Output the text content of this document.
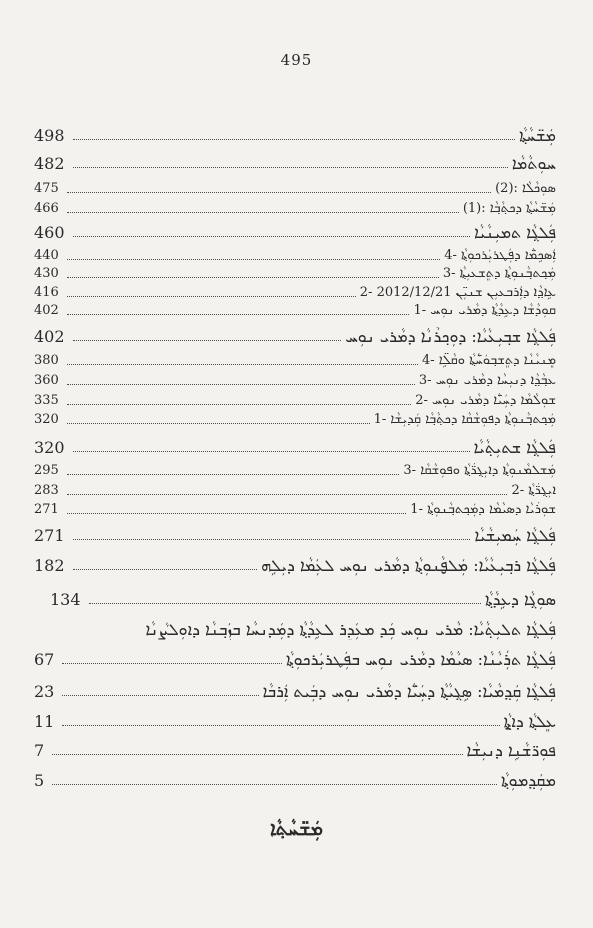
495
498	ܡܲܫ̈ܚܵܬ݂ܵܐ
482	ܚܘܼܬܵܡܵܐ
475	(2): ܣܘܼܟܵܠܵܐ
466	(1): ܡܲܫ̈ܚܵܬ݂ܵܐ ܕܟܬ݂ܵܒ݂ܵܐ
460	ܦܲܠܓ݂ܵܐ ܬܡܝܼܢܵܝܵܐ
440	4- ܐܲܣܟܹܡ̈ܵܐ ܕܦܲܛܪܝܲܪܟܘܼܬ݂ܵܐ
430	3- ܡܲܟ݂ܬܒ݂ܵܢܘܼܬ݂ܵܐ ܕܬܸܫܥܝܼܬ݂ܵܐ
416	2- ܥܹܐܕ݂ܵܐ ܕܐܲܪܒܥܝܼܢ ܫܢܝܼ̈ܢ 2012/12/21
402	1- ܩܘܼܕܵܫܵܐ ܕܥܹܕܵܬ݂ܵܐ ܕܡܵܪܝ ܢܘܼܚ
402	ܦܲܠܓ݂ܵܐ ܫܒ݂ܝܼܥܵܝܵܐ: ܕܘܼܟ݂ܪܵܢܵܐ ܕܡܵܪܝ ܢܘܼܚ
380	4- ܡܸܢܝܵܢܵܐ ܕܬܸܫܒ݂ܘܿܚ̈ܵܬ݂ܵܐ ܘܩܵܠܹ̈ܐ
360	3- ܥܒ݂ܵܕ݂ܵܐ ܕܢܝܼܚܵܐ ܕܡܵܪܝ ܢܘܼܚ
335	2- ܫܘܼܠܵܡܵܐ ܕܚܲܝ̈ܵܐ ܕܡܵܪܝ ܢܘܼܚ
320	1- ܡܲܟ݂ܬܒ݂ܵܢܘܼܬ݂ܵܐ ܕܦܘܼܫܵܩܵܐ ܕܟܬ݂ܵܒ݂ܵܐ ܩܲܕܝܼܫܵܐ
320	ܦܲܠܓ݂ܵܐ ܫܬܝܼܬ݂ܵܝܵܐ
295	3- ܡܲܫܠܡܵܢܘܼܬ݂ܵܐ ܕܐܝܼܓ݂ܪ̈ܵܬ݂ܵܐ ܘܦܘܼܫܵܩܵܐ
283	2- ܐܝܼܓ݂ܪ̈ܵܬ݂ܵܐ
271	1- ܫܘܼܪܵܝܵܐ ܕܣܝܵܡܵܐ ܕܡܲܟ݂ܬܒ݂ܵܢܘܼܬ݂ܵܐ
271	ܦܲܠܓ݂ܵܐ ܚܲܡܝܼܫܵܝܵܐ
182	ܦܲܠܓ݂ܵܐ ܪܒ݂ܝܼܥܵܝܵܐ: ܡܲܠܦ̮ܵܢܘܼܬ݂ܵܐ ܕܡܵܪܝ ܢܘܼܚ ܠܥܲܡܵܐ ܕܝܼܠܹܗ
134	ܣܘܼܓ݂ܵܐ ܕܥܹܕܵܬ݂ܵܐ
ܦܲܠܓ݂ܵܐ ܬܠܝܼܬ݂ܵܝܵܐ: ܡܵܪܝ ܢܘܼܚ ܟܲܕ ܡܥܲܕܸܪ ܠܥܹܕܵܬ݂ܵܐ ܕܡܲܕܢܚܵܐ ܒܙܲܒ݂ܢܵܐ ܕܐܘܼܠܨܵܢܵܐ
67	ܦܲܠܓ݂ܵܐ ܬܪܲܝܵܢܵܐ: ܣܝܵܡܵܐ ܕܡܵܪܝ ܢܘܼܚ ܒܦܲܛܪܝܲܪܟܘܼܬ݂ܵܐ
23	ܦܲܠܓ݂ܵܐ ܩܲܕ݂ܡܵܝܵܐ: ܣܹܓ݂ܝܵܬ݂ܵܐ ܕܚܲܝ̈ܵܐ ܕܡܵܪܝ ܢܘܼܚ ܕܒܲܝܬ ܐܲܪܒܵܐ
11	ܥܸܠܬ݂ܵܐ ܕܐ̱ܬ݂ܵܐ
7	ܦܘܼܪ̈ܫܵܢܹܐ ܕܢܝܼܫܵܐ
5	ܡܩܲܕ݂ܡܘܼܬ݂ܵܐ
ܡܲܫ̈ܚܵܬ݂ܵܐ
